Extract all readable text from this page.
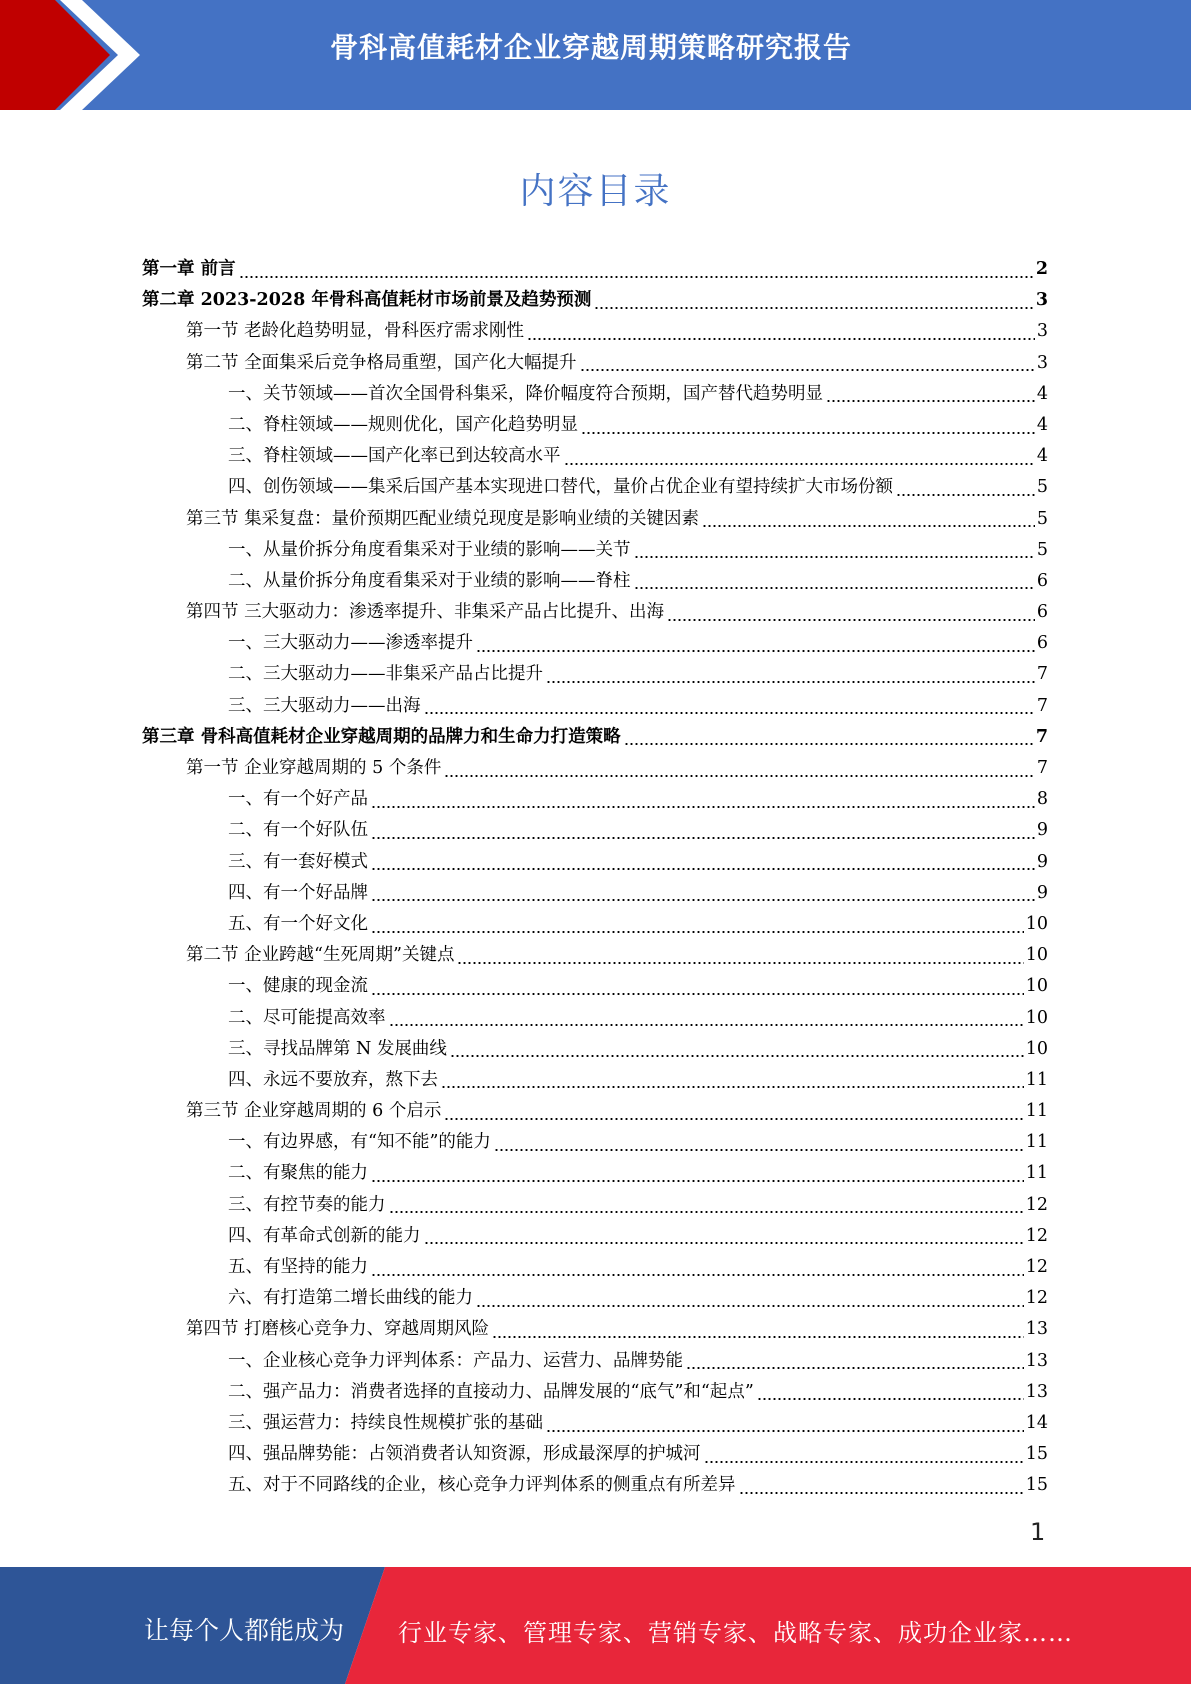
骨科高值耗材企业穿越周期策略研究报告
内容目录
第一章 前言	2
第二章 2023-2028 年骨科高值耗材市场前景及趋势预测	3
第一节 老龄化趋势明显，骨科医疗需求刚性	3
第二节 全面集采后竞争格局重塑，国产化大幅提升	3
一、关节领域——首次全国骨科集采，降价幅度符合预期，国产替代趋势明显	4
二、脊柱领域——规则优化，国产化趋势明显	4
三、脊柱领域——国产化率已到达较高水平	4
四、创伤领域——集采后国产基本实现进口替代，量价占优企业有望持续扩大市场份额	5
第三节 集采复盘：量价预期匹配业绩兑现度是影响业绩的关键因素	5
一、从量价拆分角度看集采对于业绩的影响——关节	5
二、从量价拆分角度看集采对于业绩的影响——脊柱	6
第四节 三大驱动力：渗透率提升、非集采产品占比提升、出海	6
一、三大驱动力——渗透率提升	6
二、三大驱动力——非集采产品占比提升	7
三、三大驱动力——出海	7
第三章 骨科高值耗材企业穿越周期的品牌力和生命力打造策略	7
第一节 企业穿越周期的 5 个条件	7
一、有一个好产品	8
二、有一个好队伍	9
三、有一套好模式	9
四、有一个好品牌	9
五、有一个好文化	10
第二节 企业跨越“生死周期”关键点	10
一、健康的现金流	10
二、尽可能提高效率	10
三、寻找品牌第 N 发展曲线	10
四、永远不要放弃，熬下去	11
第三节 企业穿越周期的 6 个启示	11
一、有边界感，有“知不能”的能力	11
二、有聚焦的能力	11
三、有控节奏的能力	12
四、有革命式创新的能力	12
五、有坚持的能力	12
六、有打造第二增长曲线的能力	12
第四节 打磨核心竞争力、穿越周期风险	13
一、企业核心竞争力评判体系：产品力、运营力、品牌势能	13
二、强产品力：消费者选择的直接动力、品牌发展的“底气”和“起点”	13
三、强运营力：持续良性规模扩张的基础	14
四、强品牌势能：占领消费者认知资源，形成最深厚的护城河	15
五、对于不同路线的企业，核心竞争力评判体系的侧重点有所差异	15
1
让每个人都能成为 行业专家、管理专家、营销专家、战略专家、成功企业家……
